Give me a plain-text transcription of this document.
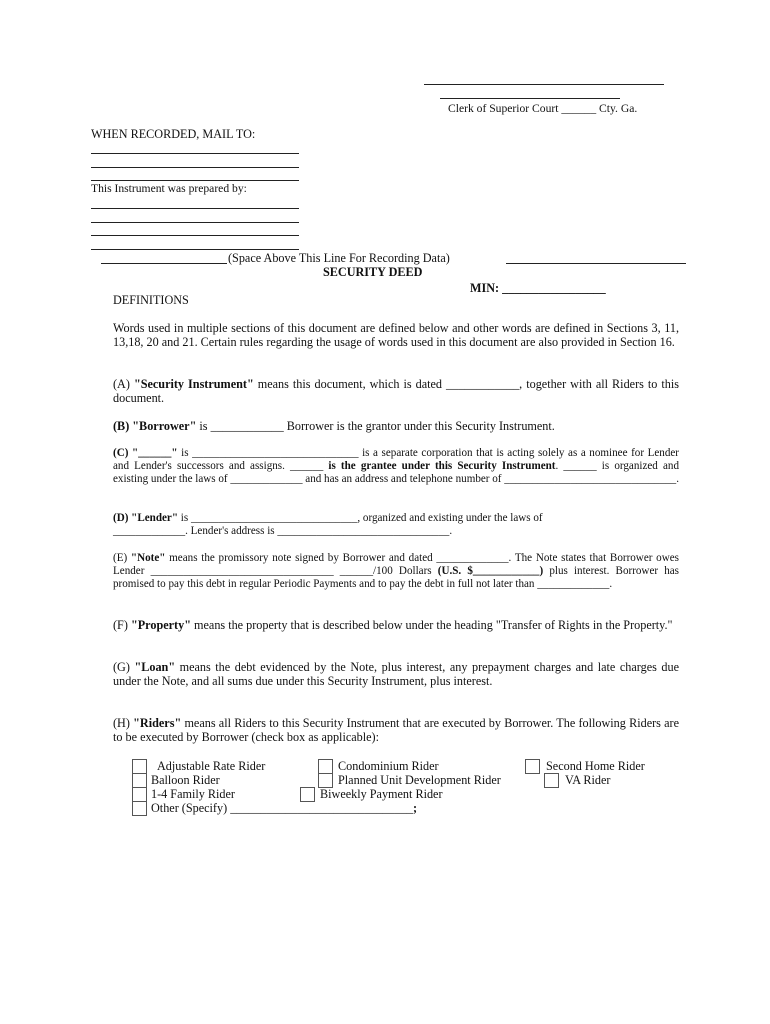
Clerk of Superior Court ______ Cty. Ga.
WHEN RECORDED, MAIL TO:
This Instrument was prepared by:
(Space Above This Line For Recording Data)
SECURITY DEED
MIN: _________________
DEFINITIONS

Words used in multiple sections of this document are defined below and other words are defined in Sections 3, 11, 13,18, 20 and 21. Certain rules regarding the usage of words used in this document are also provided in Section 16.

(A) "Security Instrument" means this document, which is dated ____________, together with all Riders to this document.

(B) "Borrower" is ____________ Borrower is the grantor under this Security Instrument.

(C) "______" is ______________________________ is a separate corporation that is acting solely as a nominee for Lender and Lender's successors and assigns. ______ is the grantee under this Security Instrument. ______ is organized and existing under the laws of _____________ and has an address and telephone number of _______________________________.

(D) "Lender" is ______________________________, organized and existing under the laws of _____________. Lender's address is _______________________________.

(E) "Note" means the promissory note signed by Borrower and dated _____________. The Note states that Borrower owes Lender _________________________________ ______/100 Dollars (U.S. $____________) plus interest. Borrower has promised to pay this debt in regular Periodic Payments and to pay the debt in full not later than _____________.

(F) "Property" means the property that is described below under the heading "Transfer of Rights in the Property."

(G) "Loan" means the debt evidenced by the Note, plus interest, any prepayment charges and late charges due under the Note, and all sums due under this Security Instrument, plus interest.

(H) "Riders" means all Riders to this Security Instrument that are executed by Borrower. The following Riders are to be executed by Borrower (check box as applicable):

Adjustable Rate Rider	Condominium Rider	Second Home Rider
Balloon Rider	Planned Unit Development Rider	VA Rider
1-4 Family Rider	Biweekly Payment Rider
Other (Specify) ______________________________;
